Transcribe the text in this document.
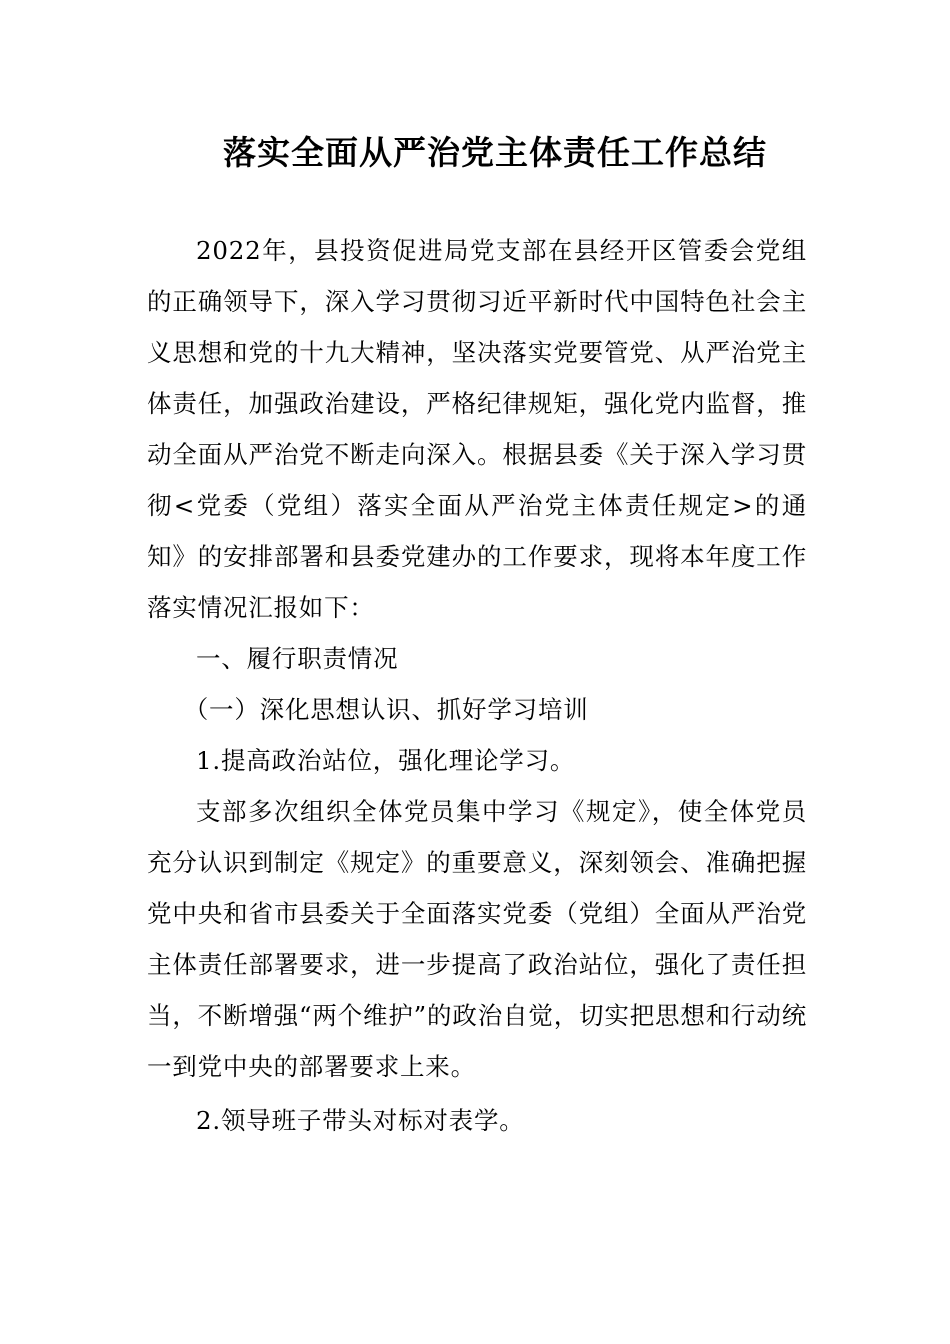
落实全面从严治党主体责任工作总结

2022年，县投资促进局党支部在县经开区管委会党组的正确领导下，深入学习贯彻习近平新时代中国特色社会主义思想和党的十九大精神，坚决落实党要管党、从严治党主体责任，加强政治建设，严格纪律规矩，强化党内监督，推动全面从严治党不断走向深入。根据县委《关于深入学习贯彻<党委（党组）落实全面从严治党主体责任规定>的通知》的安排部署和县委党建办的工作要求，现将本年度工作落实情况汇报如下：

一、履行职责情况

（一）深化思想认识、抓好学习培训

1.提高政治站位，强化理论学习。

支部多次组织全体党员集中学习《规定》，使全体党员充分认识到制定《规定》的重要意义，深刻领会、准确把握党中央和省市县委关于全面落实党委（党组）全面从严治党主体责任部署要求，进一步提高了政治站位，强化了责任担当，不断增强“两个维护”的政治自觉，切实把思想和行动统一到党中央的部署要求上来。

2.领导班子带头对标对表学。
